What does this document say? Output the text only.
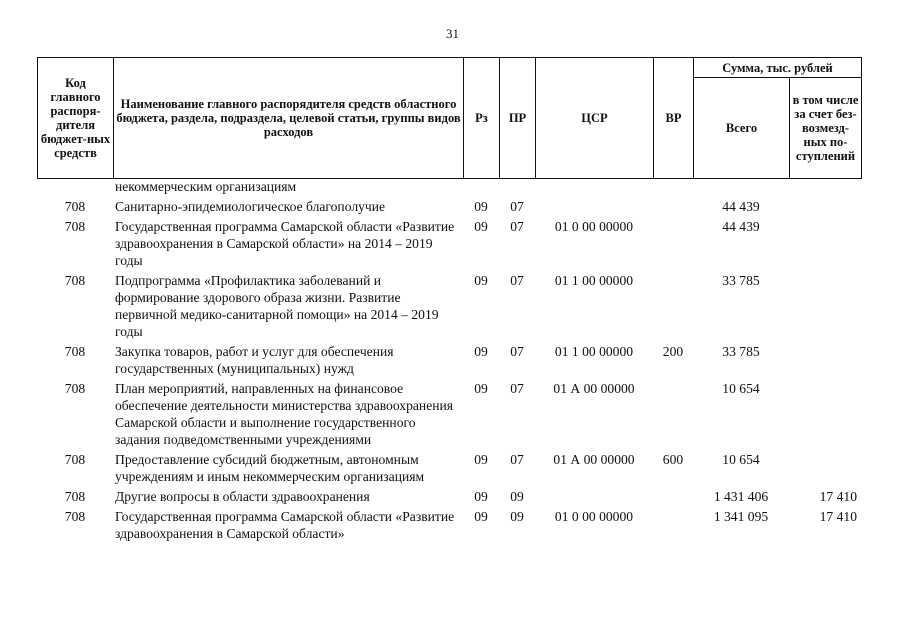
31
Код главного распоря-дителя бюджет-ных средств	Наименование главного распорядителя средств областного бюджета, раздела, подраздела, целевой статьи, группы видов расходов	Рз	ПР	ЦСР	ВР	Сумма, тыс. рублей	
						Всего	в том числе за счет без-возмезд-ных по-ступлений
	некоммерческим организациям						
708	Санитарно-эпидемиологическое благополучие	09	07			44 439	
708	Государственная программа Самарской области «Развитие здравоохранения в Самарской области» на 2014 – 2019 годы	09	07	01 0 00 00000		44 439	
708	Подпрограмма «Профилактика заболеваний и формирование здорового образа жизни. Развитие первичной медико-санитарной помощи» на 2014 – 2019 годы	09	07	01 1 00 00000		33 785	
708	Закупка товаров, работ и услуг для обеспечения государственных (муниципальных) нужд	09	07	01 1 00 00000	200	33 785	
708	План мероприятий, направленных на финансовое обеспечение деятельности министерства здравоохранения Самарской области и выполнение государственного задания подведомственными учреждениями	09	07	01 А 00 00000		10 654	
708	Предоставление субсидий бюджетным, автономным учреждениям и иным некоммерческим организациям	09	07	01 А 00 00000	600	10 654	
708	Другие вопросы в области здравоохранения	09	09			1 431 406	17 410
708	Государственная программа Самарской области «Развитие здравоохранения в Самарской области»	09	09	01 0 00 00000		1 341 095	17 410
